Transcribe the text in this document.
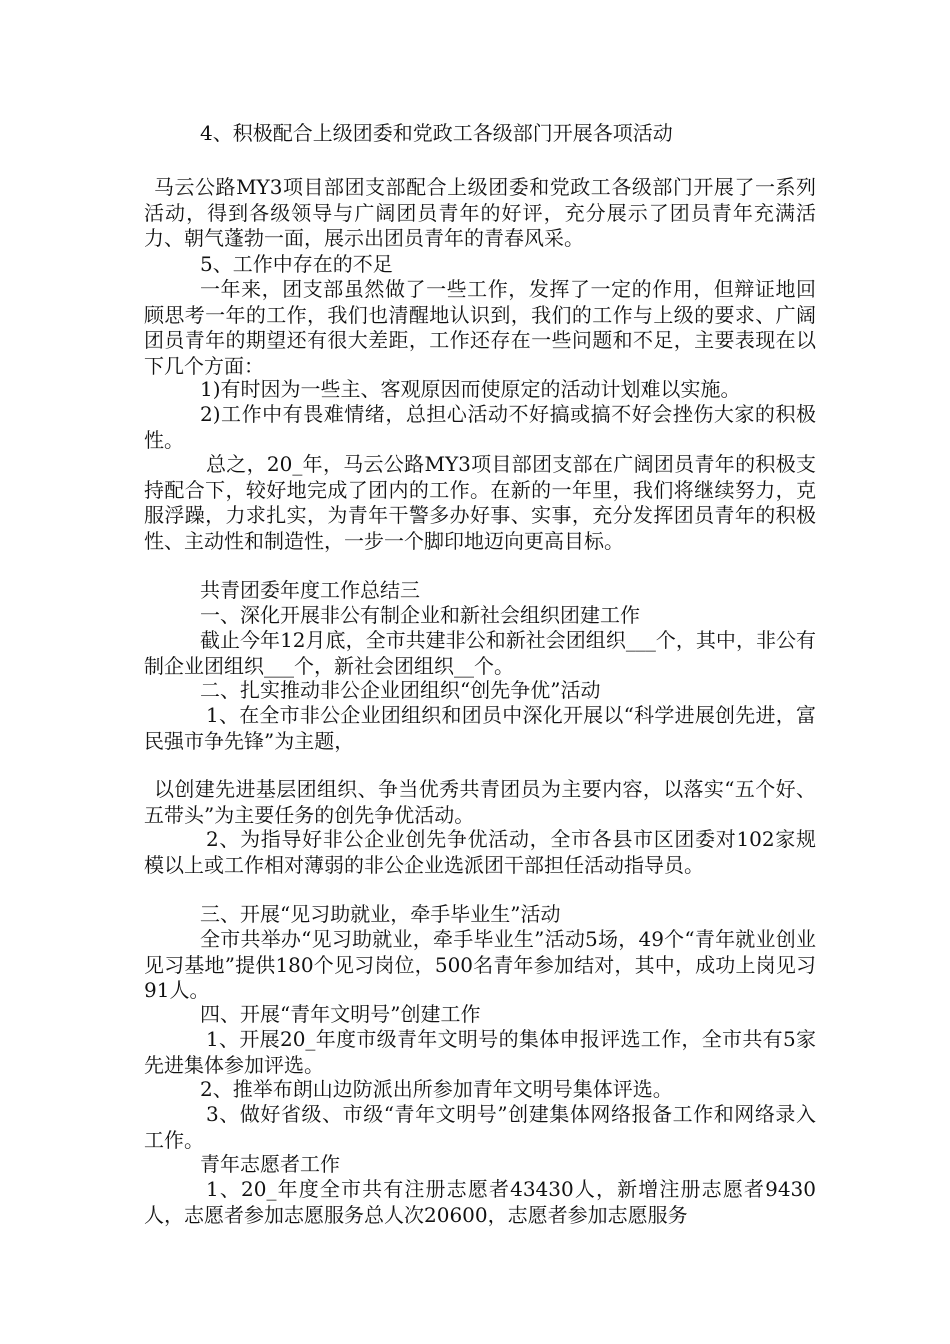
4、积极配合上级团委和党政工各级部门开展各项活动

马云公路MY3项目部团支部配合上级团委和党政工各级部门开展了一系列活动，得到各级领导与广阔团员青年的好评，充分展示了团员青年充满活力、朝气蓬勃一面，展示出团员青年的青春风采。

5、工作中存在的不足

一年来，团支部虽然做了一些工作，发挥了一定的作用，但辩证地回顾思考一年的工作，我们也清醒地认识到，我们的工作与上级的要求、广阔团员青年的期望还有很大差距，工作还存在一些问题和不足，主要表现在以下几个方面：

1)有时因为一些主、客观原因而使原定的活动计划难以实施。

2)工作中有畏难情绪，总担心活动不好搞或搞不好会挫伤大家的积极性。

总之，20_年，马云公路MY3项目部团支部在广阔团员青年的积极支持配合下，较好地完成了团内的工作。在新的一年里，我们将继续努力，克服浮躁，力求扎实，为青年干警多办好事、实事，充分发挥团员青年的积极性、主动性和制造性，一步一个脚印地迈向更高目标。

共青团委年度工作总结三

一、深化开展非公有制企业和新社会组织团建工作

截止今年12月底，全市共建非公和新社会团组织___个，其中，非公有制企业团组织___个，新社会团组织__个。

二、扎实推动非公企业团组织“创先争优”活动

1、在全市非公企业团组织和团员中深化开展以“科学进展创先进，富民强市争先锋”为主题，

以创建先进基层团组织、争当优秀共青团员为主要内容，以落实“五个好、五带头”为主要任务的创先争优活动。

2、为指导好非公企业创先争优活动，全市各县市区团委对102家规模以上或工作相对薄弱的非公企业选派团干部担任活动指导员。

三、开展“见习助就业，牵手毕业生”活动

全市共举办“见习助就业，牵手毕业生”活动5场，49个“青年就业创业见习基地”提供180个见习岗位，500名青年参加结对，其中，成功上岗见习91人。

四、开展“青年文明号”创建工作

1、开展20_年度市级青年文明号的集体申报评选工作，全市共有5家先进集体参加评选。

2、推举布朗山边防派出所参加青年文明号集体评选。

3、做好省级、市级“青年文明号”创建集体网络报备工作和网络录入工作。

青年志愿者工作

1、20_年度全市共有注册志愿者43430人，新增注册志愿者9430人，志愿者参加志愿服务总人次20600，志愿者参加志愿服务
